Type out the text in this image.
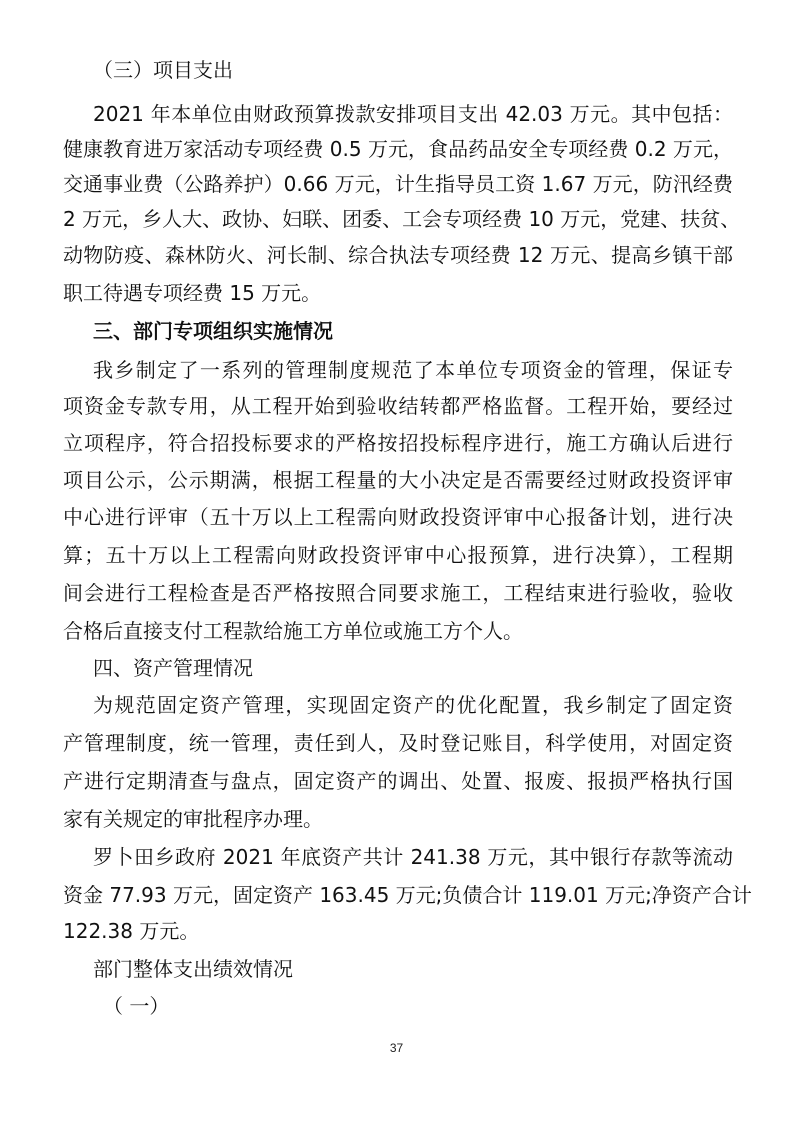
（三）项目支出
2021 年本单位由财政预算拨款安排项目支出 42.03 万元。其中包括：
健康教育进万家活动专项经费 0.5 万元，食品药品安全专项经费 0.2 万元，
交通事业费（公路养护）0.66 万元，计生指导员工资 1.67 万元，防汛经费
2 万元，乡人大、政协、妇联、团委、工会专项经费 10 万元，党建、扶贫、
动物防疫、森林防火、河长制、综合执法专项经费 12 万元、提高乡镇干部
职工待遇专项经费 15 万元。
三、部门专项组织实施情况
我乡制定了一系列的管理制度规范了本单位专项资金的管理，保证专
项资金专款专用，从工程开始到验收结转都严格监督。工程开始，要经过
立项程序，符合招投标要求的严格按招投标程序进行，施工方确认后进行
项目公示，公示期满，根据工程量的大小决定是否需要经过财政投资评审
中心进行评审（五十万以上工程需向财政投资评审中心报备计划，进行决
算；五十万以上工程需向财政投资评审中心报预算，进行决算），工程期
间会进行工程检查是否严格按照合同要求施工，工程结束进行验收，验收
合格后直接支付工程款给施工方单位或施工方个人。
四、资产管理情况
为规范固定资产管理，实现固定资产的优化配置，我乡制定了固定资
产管理制度，统一管理，责任到人，及时登记账目，科学使用，对固定资
产进行定期清查与盘点，固定资产的调出、处置、报废、报损严格执行国
家有关规定的审批程序办理。
罗卜田乡政府 2021 年底资产共计 241.38 万元，其中银行存款等流动
资金 77.93 万元，固定资产 163.45 万元;负债合计 119.01 万元;净资产合计
122.38 万元。
部门整体支出绩效情况
（ 一）
37
